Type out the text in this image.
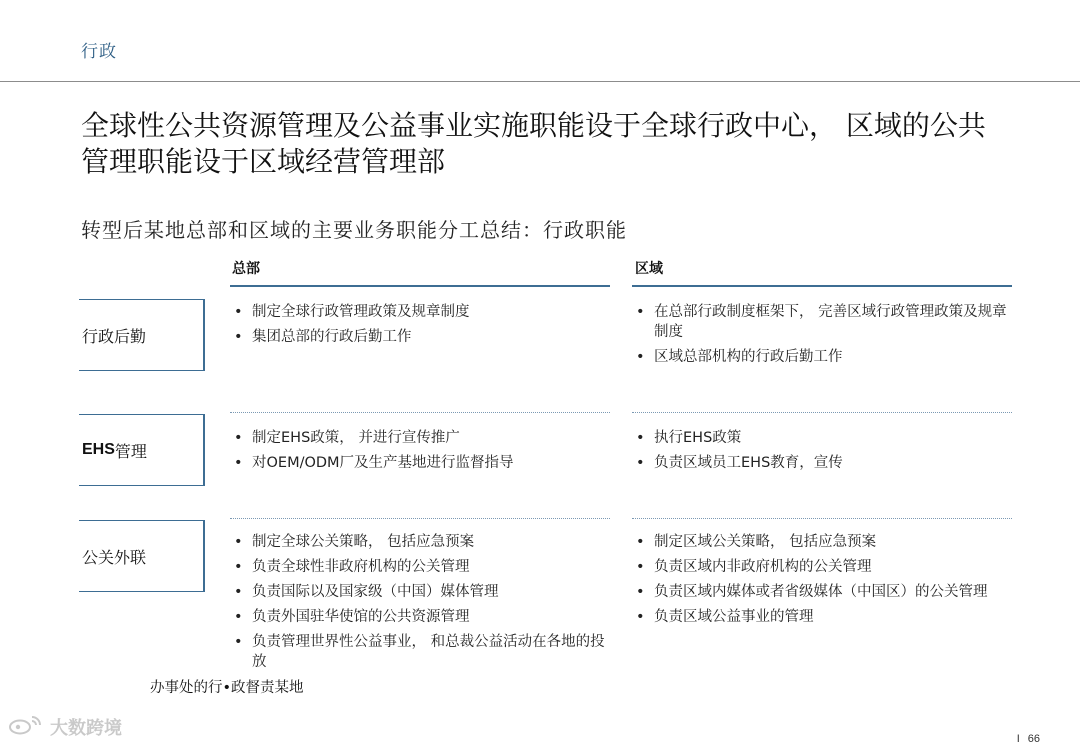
行政
全球性公共资源管理及公益事业实施职能设于全球行政中心， 区域的公共管理职能设于区域经营管理部
转型后某地总部和区域的主要业务职能分工总结：行政职能
总部	区域
行政后勤
• 制定全球行政管理政策及规章制度
• 集团总部的行政后勤工作
• 在总部行政制度框架下， 完善区域行政管理政策及规章制度
• 区域总部机构的行政后勤工作
EHS 管理
• 制定EHS政策， 并进行宣传推广
• 对OEM/ODM厂及生产基地进行监督指导
• 执行EHS政策
• 负责区域员工EHS教育，宣传
公关外联
• 制定全球公关策略， 包括应急预案
• 负责全球性非政府机构的公关管理
• 负责国际以及国家级（中国）媒体管理
• 负责外国驻华使馆的公共资源管理
• 负责管理世界性公益事业， 和总裁公益活动在各地的投放
• 制定区域公关策略， 包括应急预案
• 负责区域内非政府机构的公关管理
• 负责区域内媒体或者省级媒体（中国区）的公关管理
• 负责区域公益事业的管理
办事处的行•政督责某地
大数跨境
I 66
